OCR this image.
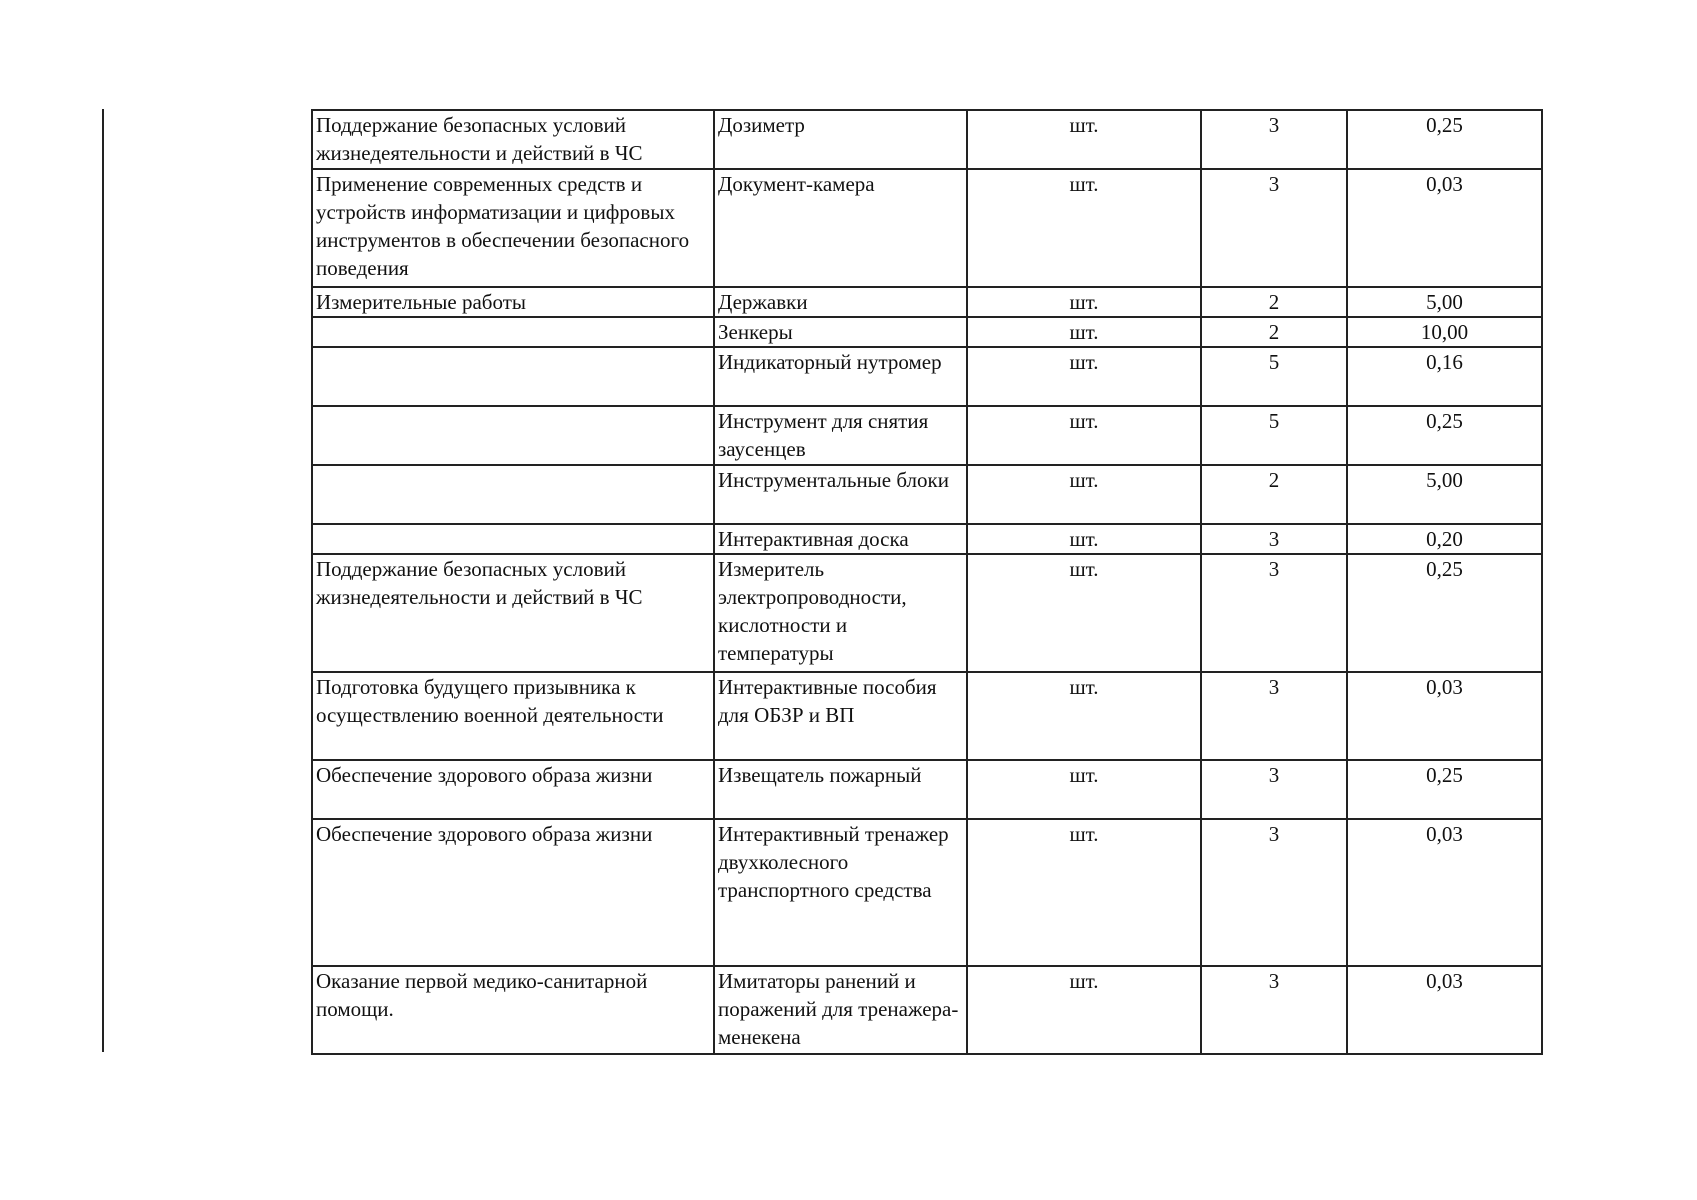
Поддержание безопасных условий жизнедеятельности и действий в ЧС	Дозиметр	шт.	3	0,25

Применение современных средств и устройств информатизации и цифровых инструментов в обеспечении безопасного поведения	Документ-камера	шт.	3	0,03

Измерительные работы	Державки	шт.	2	5,00

	Зенкеры	шт.	2	10,00

	Индикаторный нутромер	шт.	5	0,16

	Инструмент для снятия заусенцев	шт.	5	0,25

	Инструментальные блоки	шт.	2	5,00

	Интерактивная доска	шт.	3	0,20

Поддержание безопасных условий жизнедеятельности и действий в ЧС	Измеритель электропроводности, кислотности и температуры	шт.	3	0,25

Подготовка будущего призывника к осуществлению военной деятельности	Интерактивные пособия для ОБЗР и ВП	шт.	3	0,03

Обеспечение здорового образа жизни	Извещатель пожарный	шт.	3	0,25

Обеспечение здорового образа жизни	Интерактивный тренажер двухколесного транспортного средства	шт.	3	0,03

Оказание первой медико-санитарной помощи.	Имитаторы ранений и поражений для тренажера-менекена	шт.	3	0,03
